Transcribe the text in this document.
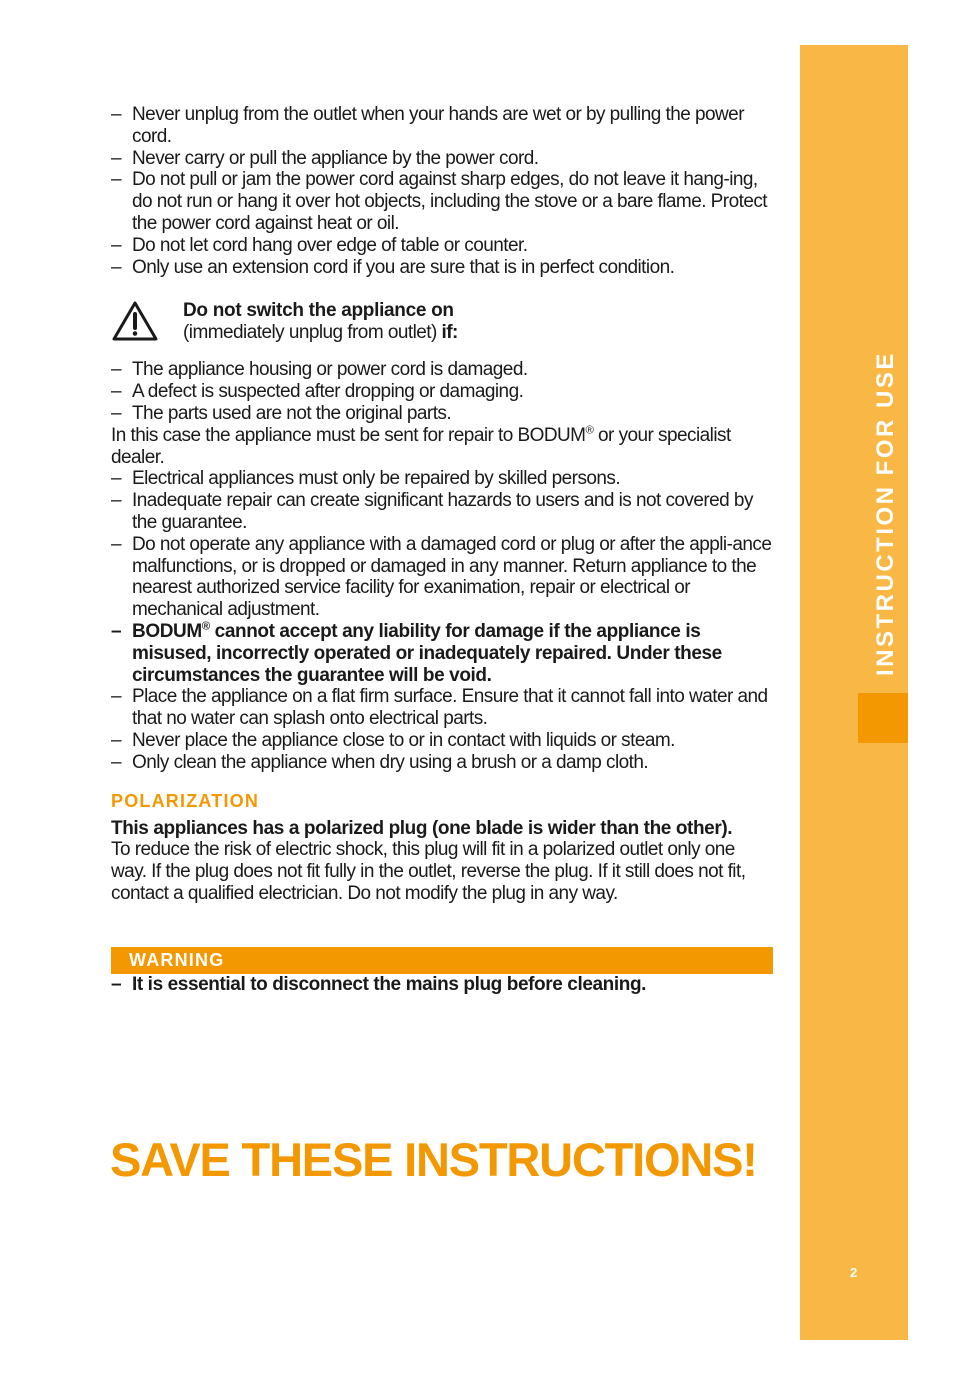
INSTRUCTION FOR USE
2
– Never unplug from the outlet when your hands are wet or by pulling the power cord.
– Never carry or pull the appliance by the power cord.
– Do not pull or jam the power cord against sharp edges, do not leave it hang-ing, do not run or hang it over hot objects, including the stove or a bare flame. Protect the power cord against heat or oil.
– Do not let cord hang over edge of table or counter.
– Only use an extension cord if you are sure that is in perfect condition.
Do not switch the appliance on
(immediately unplug from outlet) if:
– The appliance housing or power cord is damaged.
– A defect is suspected after dropping or damaging.
– The parts used are not the original parts.

In this case the appliance must be sent for repair to BODUM® or your specialist dealer.

– Electrical appliances must only be repaired by skilled persons.
– Inadequate repair can create significant hazards to users and is not covered by the guarantee.
– Do not operate any appliance with a damaged cord or plug or after the appli-ance malfunctions, or is dropped or damaged in any manner. Return appliance to the nearest authorized service facility for exanimation, repair or electrical or mechanical adjustment.
– BODUM® cannot accept any liability for damage if the appliance is misused, incorrectly operated or inadequately repaired. Under these circumstances the guarantee will be void.
– Place the appliance on a flat firm surface. Ensure that it cannot fall into water and that no water can splash onto electrical parts.
– Never place the appliance close to or in contact with liquids or steam.
– Only clean the appliance when dry using a brush or a damp cloth.
POLARIZATION

This appliances has a polarized plug (one blade is wider than the other).

To reduce the risk of electric shock, this plug will fit in a polarized outlet only one way. If the plug does not fit fully in the outlet, reverse the plug. If it still does not fit, contact a qualified electrician. Do not modify the plug in any way.

WARNING
– It is essential to disconnect the mains plug before cleaning.
SAVE THESE INSTRUCTIONS!
